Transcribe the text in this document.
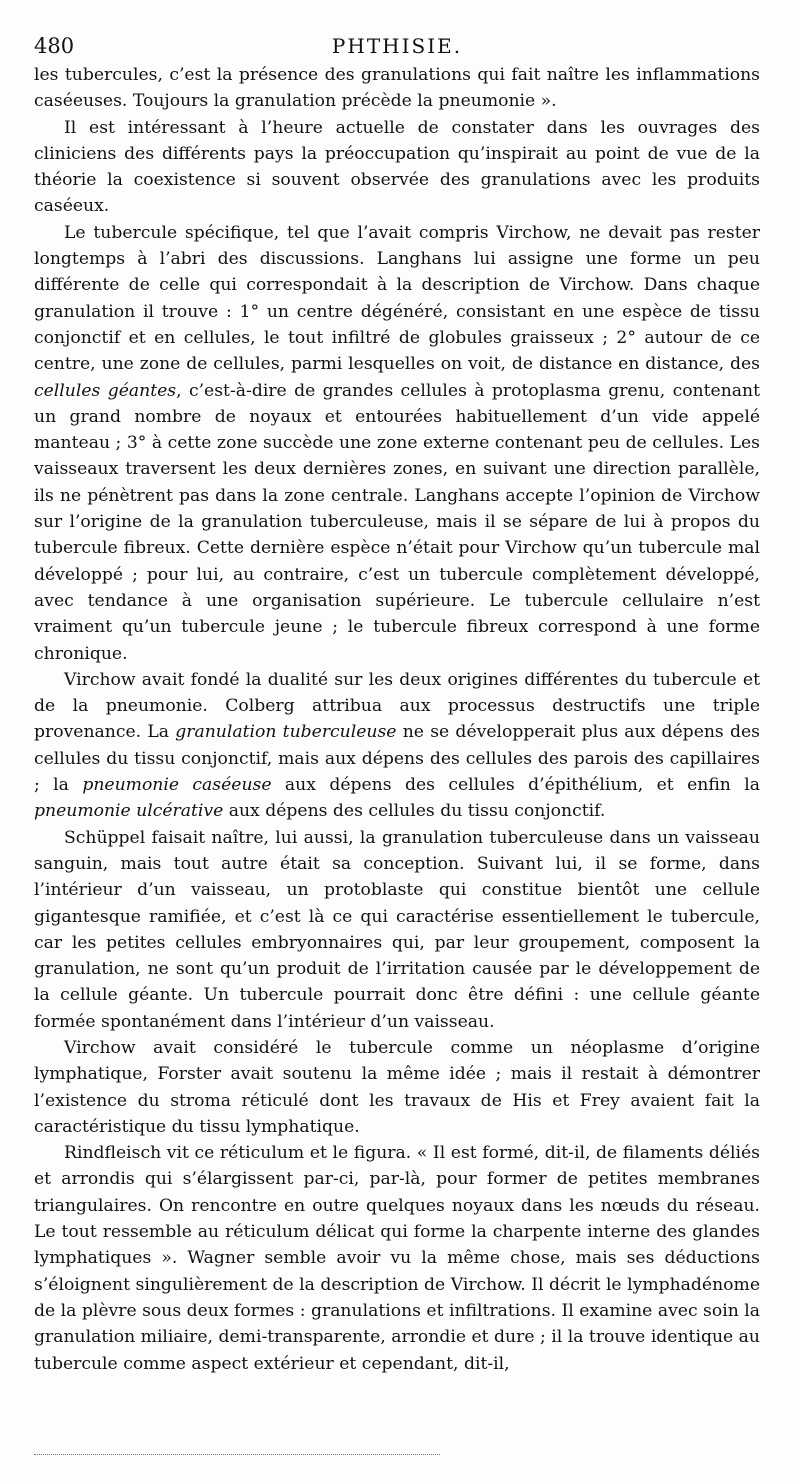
480	PHTHISIE.

les tubercules, c’est la présence des granulations qui fait naître les inflammations caséeuses. Toujours la granulation précède la pneumonie ».

Il est intéressant à l’heure actuelle de constater dans les ouvrages des cliniciens des différents pays la préoccupation qu’inspirait au point de vue de la théorie la coexistence si souvent observée des granulations avec les produits caséeux.

Le tubercule spécifique, tel que l’avait compris Virchow, ne devait pas rester longtemps à l’abri des discussions. Langhans lui assigne une forme un peu différente de celle qui correspondait à la description de Virchow. Dans chaque granulation il trouve : 1° un centre dégénéré, consistant en une espèce de tissu conjonctif et en cellules, le tout infiltré de globules graisseux ; 2° autour de ce centre, une zone de cellules, parmi lesquelles on voit, de distance en distance, des cellules géantes, c’est-à-dire de grandes cellules à protoplasma grenu, contenant un grand nombre de noyaux et entourées habituellement d’un vide appelé manteau ; 3° à cette zone succède une zone externe contenant peu de cellules. Les vaisseaux traversent les deux dernières zones, en suivant une direction parallèle, ils ne pénètrent pas dans la zone centrale. Langhans accepte l’opinion de Virchow sur l’origine de la granulation tuberculeuse, mais il se sépare de lui à propos du tubercule fibreux. Cette dernière espèce n’était pour Virchow qu’un tubercule mal développé ; pour lui, au contraire, c’est un tubercule complètement développé, avec tendance à une organisation supérieure. Le tubercule cellulaire n’est vraiment qu’un tubercule jeune ; le tubercule fibreux correspond à une forme chronique.

Virchow avait fondé la dualité sur les deux origines différentes du tubercule et de la pneumonie. Colberg attribua aux processus destructifs une triple provenance. La granulation tuberculeuse ne se développerait plus aux dépens des cellules du tissu conjonctif, mais aux dépens des cellules des parois des capillaires ; la pneumonie caséeuse aux dépens des cellules d’épithélium, et enfin la pneumonie ulcérative aux dépens des cellules du tissu conjonctif.

Schüppel faisait naître, lui aussi, la granulation tuberculeuse dans un vaisseau sanguin, mais tout autre était sa conception. Suivant lui, il se forme, dans l’intérieur d’un vaisseau, un protoblaste qui constitue bientôt une cellule gigantesque ramifiée, et c’est là ce qui caractérise essentiellement le tubercule, car les petites cellules embryonnaires qui, par leur groupement, composent la granulation, ne sont qu’un produit de l’irritation causée par le développement de la cellule géante. Un tubercule pourrait donc être défini : une cellule géante formée spontanément dans l’intérieur d’un vaisseau.

Virchow avait considéré le tubercule comme un néoplasme d’origine lymphatique, Forster avait soutenu la même idée ; mais il restait à démontrer l’existence du stroma réticulé dont les travaux de His et Frey avaient fait la caractéristique du tissu lymphatique.

Rindfleisch vit ce réticulum et le figura. « Il est formé, dit-il, de filaments déliés et arrondis qui s’élargissent par-ci, par-là, pour former de petites membranes triangulaires. On rencontre en outre quelques noyaux dans les nœuds du réseau. Le tout ressemble au réticulum délicat qui forme la charpente interne des glandes lymphatiques ». Wagner semble avoir vu la même chose, mais ses déductions s’éloignent singulièrement de la description de Virchow. Il décrit le lymphadénome de la plèvre sous deux formes : granulations et infiltrations. Il examine avec soin la granulation miliaire, demi-transparente, arrondie et dure ; il la trouve identique au tubercule comme aspect extérieur et cependant, dit-il,
